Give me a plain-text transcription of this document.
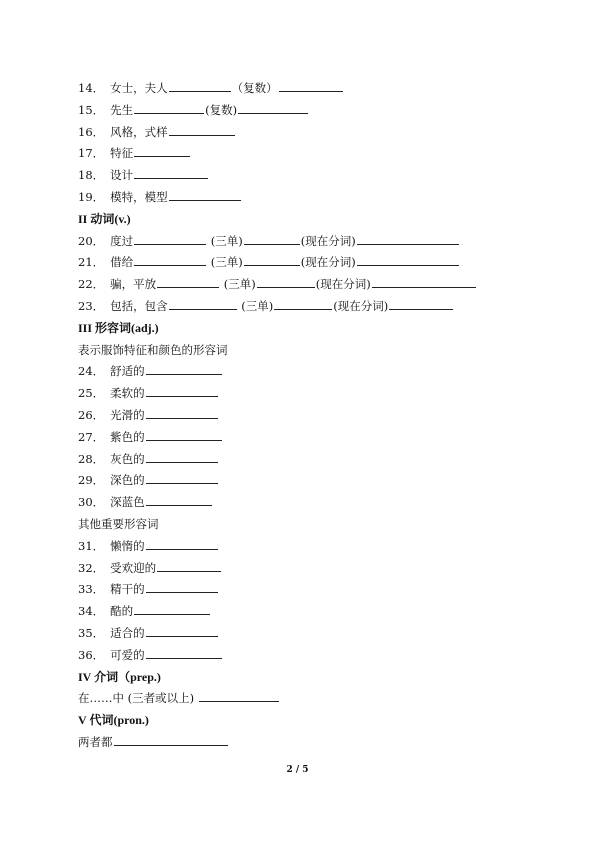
14． 女士，夫人	（复数）
15． 先生	(复数)
16． 风格，式样
17． 特征
18． 设计
19． 模特，模型
II 动词(v.)
20． 度过	(三单)	(现在分词)
21． 借给	(三单)	(现在分词)
22． 骗，平放	(三单)	(现在分词)
23． 包括，包含	(三单)	(现在分词)
III 形容词(adj.)
表示服饰特征和颜色的形容词
24． 舒适的
25． 柔软的
26． 光滑的
27． 紫色的
28． 灰色的
29． 深色的
30． 深蓝色
其他重要形容词
31． 懒惰的
32． 受欢迎的
33． 精干的
34． 酷的
35． 适合的
36． 可爱的
IV 介词（prep.)
在……中 (三者或以上)
V 代词(pron.)
两者都
2 / 5
